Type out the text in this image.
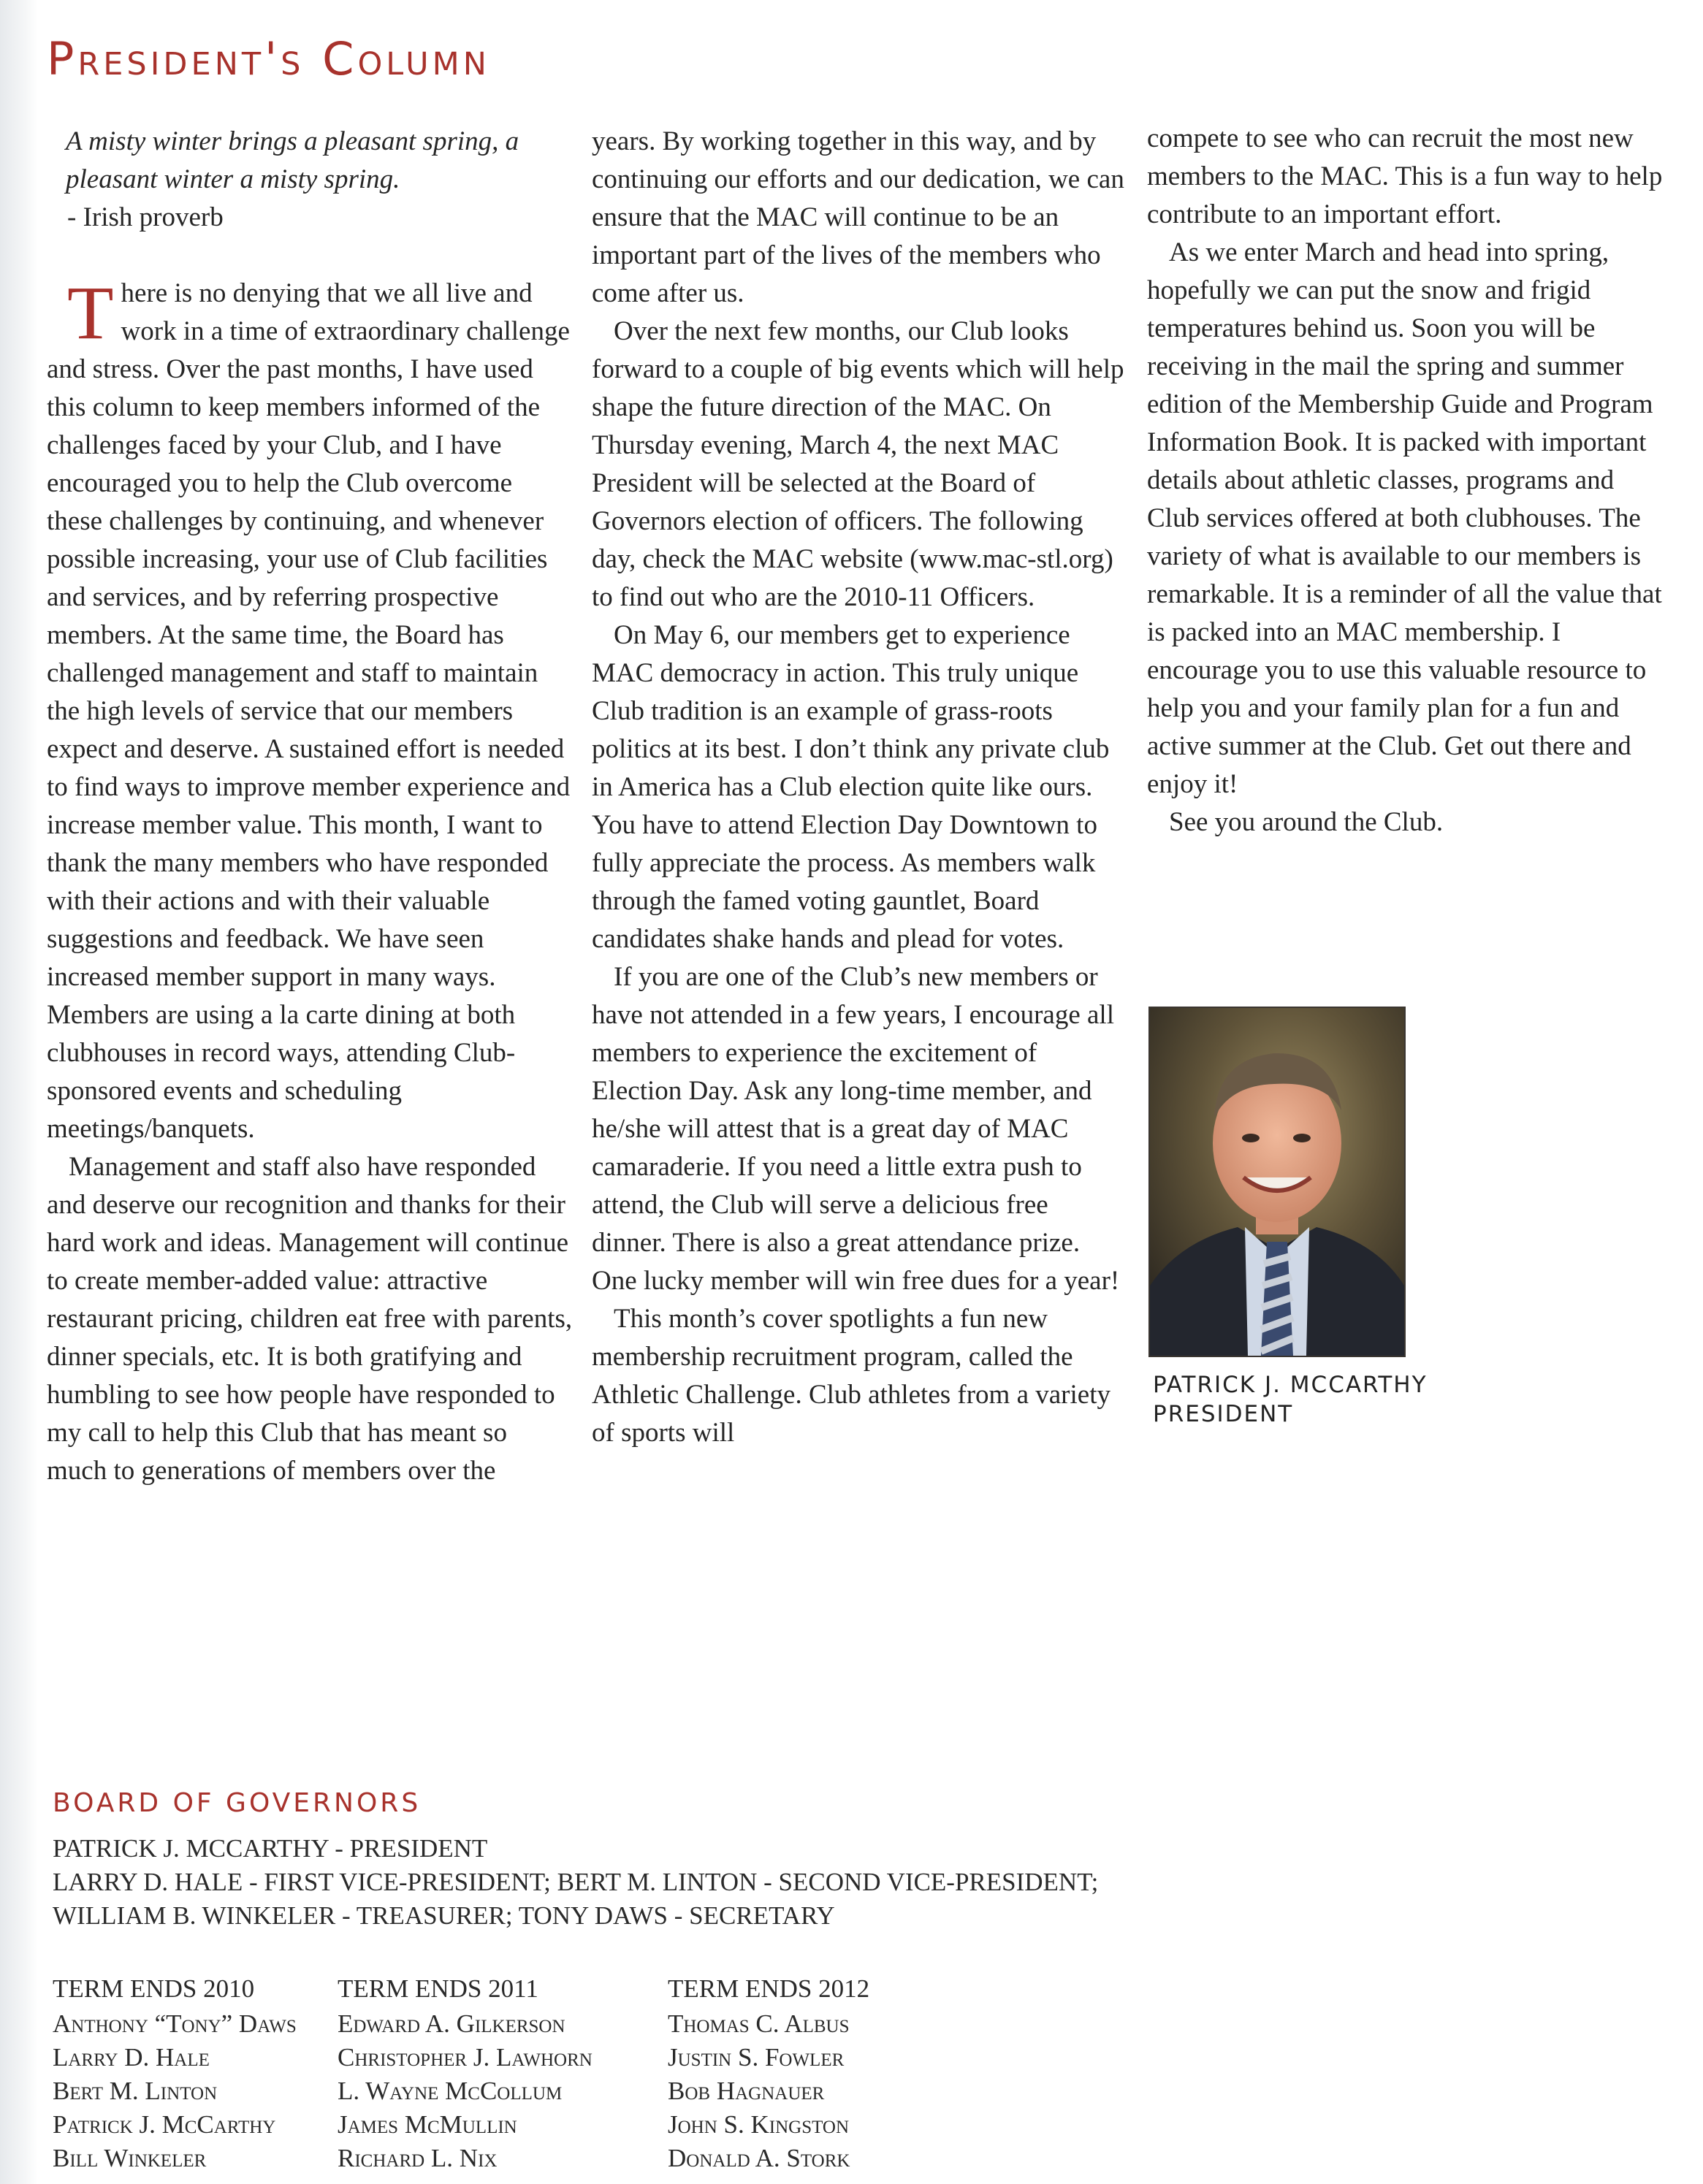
President's Column

A misty winter brings a pleasant spring, a pleasant winter a misty spring.

- Irish proverb

There is no denying that we all live and work in a time of extraordinary challenge and stress. Over the past months, I have used this column to keep members informed of the challenges faced by your Club, and I have encouraged you to help the Club overcome these challenges by continuing, and whenever possible increasing, your use of Club facilities and services, and by referring prospective members. At the same time, the Board has challenged management and staff to maintain the high levels of service that our members expect and deserve. A sustained effort is needed to find ways to improve member experience and increase member value. This month, I want to thank the many members who have responded with their actions and with their valuable suggestions and feedback. We have seen increased member support in many ways. Members are using a la carte dining at both clubhouses in record ways, attending Club-sponsored events and scheduling meetings/banquets.

Management and staff also have responded and deserve our recognition and thanks for their hard work and ideas. Management will continue to create member-added value: attractive restaurant pricing, children eat free with parents, dinner specials, etc. It is both gratifying and humbling to see how people have responded to my call to help this Club that has meant so much to generations of members over the

years. By working together in this way, and by continuing our efforts and our dedication, we can ensure that the MAC will continue to be an important part of the lives of the members who come after us.

Over the next few months, our Club looks forward to a couple of big events which will help shape the future direction of the MAC. On Thursday evening, March 4, the next MAC President will be selected at the Board of Governors election of officers. The following day, check the MAC website (www.mac-stl.org) to find out who are the 2010-11 Officers.

On May 6, our members get to experience MAC democracy in action. This truly unique Club tradition is an example of grass-roots politics at its best. I don’t think any private club in America has a Club election quite like ours. You have to attend Election Day Downtown to fully appreciate the process. As members walk through the famed voting gauntlet, Board candidates shake hands and plead for votes.

If you are one of the Club’s new members or have not attended in a few years, I encourage all members to experience the excitement of Election Day. Ask any long-time member, and he/she will attest that is a great day of MAC camaraderie. If you need a little extra push to attend, the Club will serve a delicious free dinner. There is also a great attendance prize. One lucky member will win free dues for a year!

This month’s cover spotlights a fun new membership recruitment program, called the Athletic Challenge. Club athletes from a variety of sports will

compete to see who can recruit the most new members to the MAC. This is a fun way to help contribute to an important effort.

As we enter March and head into spring, hopefully we can put the snow and frigid temperatures behind us. Soon you will be receiving in the mail the spring and summer edition of the Membership Guide and Program Information Book. It is packed with important details about athletic classes, programs and Club services offered at both clubhouses. The variety of what is available to our members is remarkable. It is a reminder of all the value that is packed into an MAC membership. I encourage you to use this valuable resource to help you and your family plan for a fun and active summer at the Club. Get out there and enjoy it!

See you around the Club.

PATRICK J. MCCARTHY
PRESIDENT
BOARD OF GOVERNORS
PATRICK J. MCCARTHY - PRESIDENT
LARRY D. HALE - FIRST VICE-PRESIDENT; BERT M. LINTON - SECOND VICE-PRESIDENT;
WILLIAM B. WINKELER - TREASURER; TONY DAWS - SECRETARY
TERM ENDS 2010
Anthony “Tony” Daws
Larry D. Hale
Bert M. Linton
Patrick J. McCarthy
Bill Winkeler
TERM ENDS 2011
Edward A. Gilkerson
Christopher J. Lawhorn
L. Wayne McCollum
James McMullin
Richard L. Nix
TERM ENDS 2012
Thomas C. Albus
Justin S. Fowler
Bob Hagnauer
John S. Kingston
Donald A. Stork
